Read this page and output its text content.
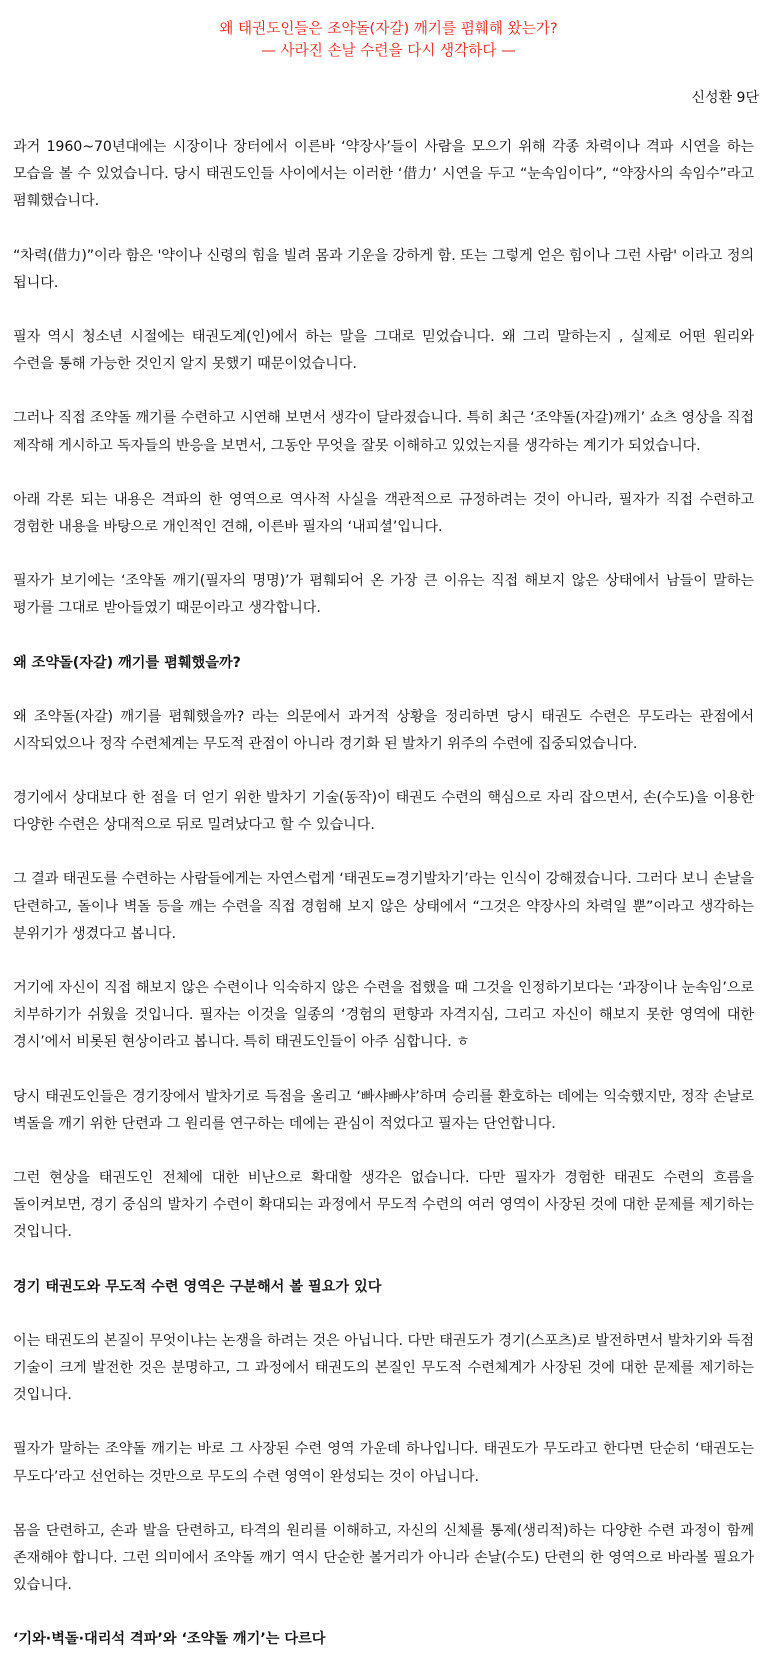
왜 태권도인들은 조약돌(자갈) 깨기를 폄훼해 왔는가?
— 사라진 손날 수련을 다시 생각하다 —
신성환 9단
과거 1960~70년대에는 시장이나 장터에서 이른바 ‘약장사’들이 사람을 모으기 위해 각종 차력이나 격파 시연을 하는 모습을 볼 수 있었습니다. 당시 태권도인들 사이에서는 이러한 ‘借力’ 시연을 두고 “눈속임이다”, “약장사의 속임수”라고 폄훼했습니다.
“차력(借力)”이라 함은 '약이나 신령의 힘을 빌려 몸과 기운을 강하게 함. 또는 그렇게 얻은 힘이나 그런 사람' 이라고 정의 됩니다.
필자 역시 청소년 시절에는 태권도계(인)에서 하는 말을 그대로 믿었습니다. 왜 그리 말하는지 , 실제로 어떤 원리와 수련을 통해 가능한 것인지 알지 못했기 때문이었습니다.
그러나 직접 조약돌 깨기를 수련하고 시연해 보면서 생각이 달라졌습니다. 특히 최근 ‘조약돌(자갈)깨기’ 쇼츠 영상을 직접 제작해 게시하고 독자들의 반응을 보면서, 그동안 무엇을 잘못 이해하고 있었는지를 생각하는 계기가 되었습니다.
아래 각론 되는 내용은 격파의 한 영역으로 역사적 사실을 객관적으로 규정하려는 것이 아니라, 필자가 직접 수련하고 경험한 내용을 바탕으로 개인적인 견해, 이른바 필자의 ‘내피셜’입니다.
필자가 보기에는 ‘조약돌 깨기(필자의 명명)’가 폄훼되어 온 가장 큰 이유는 직접 해보지 않은 상태에서 남들이 말하는 평가를 그대로 받아들였기 때문이라고 생각합니다.
왜 조약돌(자갈) 깨기를 폄훼했을까?
왜 조약돌(자갈) 깨기를 폄훼했을까? 라는 의문에서 과거적 상황을 정리하면 당시 태권도 수련은 무도라는 관점에서 시작되었으나 정작 수련체계는 무도적 관점이 아니라 경기화 된 발차기 위주의 수련에 집중되었습니다.
경기에서 상대보다 한 점을 더 얻기 위한 발차기 기술(동작)이 태권도 수련의 핵심으로 자리 잡으면서, 손(수도)을 이용한 다양한 수련은 상대적으로 뒤로 밀려났다고 할 수 있습니다.
그 결과 태권도를 수련하는 사람들에게는 자연스럽게 ‘태권도=경기발차기’라는 인식이 강해졌습니다. 그러다 보니 손날을 단련하고, 돌이나 벽돌 등을 깨는 수련을 직접 경험해 보지 않은 상태에서 “그것은 약장사의 차력일 뿐”이라고 생각하는 분위기가 생겼다고 봅니다.
거기에 자신이 직접 해보지 않은 수련이나 익숙하지 않은 수련을 접했을 때 그것을 인정하기보다는 ‘과장이나 눈속임’으로 치부하기가 쉬웠을 것입니다. 필자는 이것을 일종의 ‘경험의 편향과 자격지심, 그리고 자신이 해보지 못한 영역에 대한 경시’에서 비롯된 현상이라고 봅니다. 특히 태권도인들이 아주 심합니다. ㅎ
당시 태권도인들은 경기장에서 발차기로 득점을 올리고 ‘빠샤빠샤’하며 승리를 환호하는 데에는 익숙했지만, 정작 손날로 벽돌을 깨기 위한 단련과 그 원리를 연구하는 데에는 관심이 적었다고 필자는 단언합니다.
그런 현상을 태권도인 전체에 대한 비난으로 확대할 생각은 없습니다. 다만 필자가 경험한 태권도 수련의 흐름을 돌이켜보면, 경기 중심의 발차기 수련이 확대되는 과정에서 무도적 수련의 여러 영역이 사장된 것에 대한 문제를 제기하는 것입니다.
경기 태권도와 무도적 수련 영역은 구분해서 볼 필요가 있다
이는 태권도의 본질이 무엇이냐는 논쟁을 하려는 것은 아닙니다. 다만 태권도가 경기(스포츠)로 발전하면서 발차기와 득점 기술이 크게 발전한 것은 분명하고, 그 과정에서 태권도의 본질인 무도적 수련체계가 사장된 것에 대한 문제를 제기하는 것입니다.
필자가 말하는 조약돌 깨기는 바로 그 사장된 수련 영역 가운데 하나입니다. 태권도가 무도라고 한다면 단순히 ‘태권도는 무도다’라고 선언하는 것만으로 무도의 수련 영역이 완성되는 것이 아닙니다.
몸을 단련하고, 손과 발을 단련하고, 타격의 원리를 이해하고, 자신의 신체를 통제(생리적)하는 다양한 수련 과정이 함께 존재해야 합니다. 그런 의미에서 조약돌 깨기 역시 단순한 볼거리가 아니라 손날(수도) 단련의 한 영역으로 바라볼 필요가 있습니다.
‘기와·벽돌·대리석 격파’와 ‘조약돌 깨기’는 다르다
